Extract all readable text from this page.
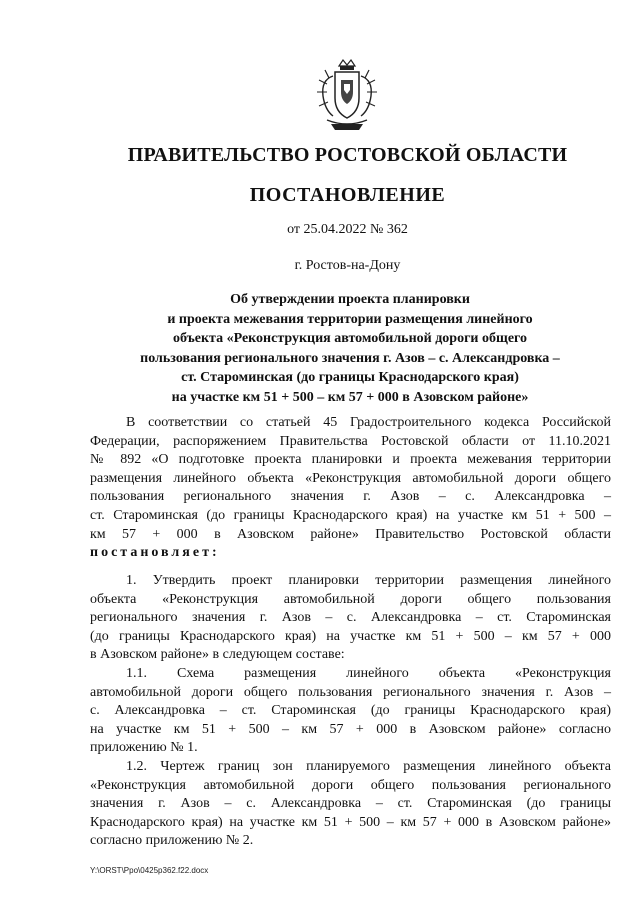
ПРАВИТЕЛЬСТВО РОСТОВСКОЙ ОБЛАСТИ
ПОСТАНОВЛЕНИЕ
от 25.04.2022 № 362
г. Ростов-на-Дону
Об утверждении проекта планировки
и проекта межевания территории размещения линейного
объекта «Реконструкция автомобильной дороги общего
пользования регионального значения г. Азов – с. Александровка –
ст. Староминская (до границы Краснодарского края)
на участке км 51 + 500 – км 57 + 000 в Азовском районе»
В соответствии со статьей 45 Градостроительного кодекса Российской
Федерации, распоряжением Правительства Ростовской области от 11.10.2021
№ 892 «О подготовке проекта планировки и проекта межевания территории
размещения линейного объекта «Реконструкция автомобильной дороги общего
пользования регионального значения г. Азов – с. Александровка –
ст. Староминская (до границы Краснодарского края) на участке км 51 + 500 –
км 57 + 000 в Азовском районе» Правительство Ростовской области
постановляет:
1. Утвердить проект планировки территории размещения линейного
объекта «Реконструкция автомобильной дороги общего пользования
регионального значения г. Азов – с. Александровка – ст. Староминская
(до границы Краснодарского края) на участке км 51 + 500 – км 57 + 000
в Азовском районе» в следующем составе:
1.1. Схема размещения линейного объекта «Реконструкция
автомобильной дороги общего пользования регионального значения г. Азов –
с. Александровка – ст. Староминская (до границы Краснодарского края)
на участке км 51 + 500 – км 57 + 000 в Азовском районе» согласно
приложению № 1.
1.2. Чертеж границ зон планируемого размещения линейного объекта
«Реконструкция автомобильной дороги общего пользования регионального
значения г. Азов – с. Александровка – ст. Староминская (до границы
Краснодарского края) на участке км 51 + 500 – км 57 + 000 в Азовском районе»
согласно приложению № 2.
Y:\ORST\Ppo\0425p362.f22.docx
